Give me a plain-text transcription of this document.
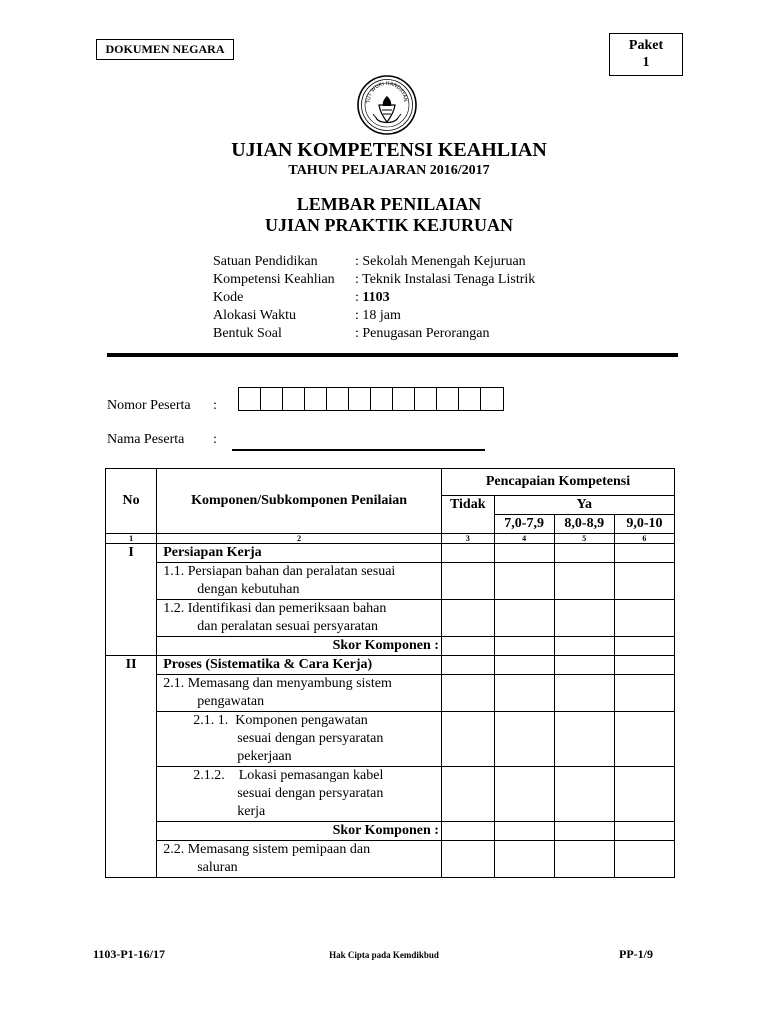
DOKUMEN NEGARA	Paket
1
TUT WURI HANDAYAN
UJIAN KOMPETENSI KEAHLIAN
TAHUN PELAJARAN 2016/2017
LEMBAR PENILAIAN
UJIAN PRAKTIK KEJURUAN
Satuan Pendidikan	: Sekolah Menengah Kejuruan
Kompetensi Keahlian	: Teknik Instalasi Tenaga Listrik
Kode	: 1103
Alokasi Waktu	: 18 jam
Bentuk Soal	: Penugasan Perorangan
Nomor Peserta :
Nama Peserta :
No	Komponen/Subkomponen Penilaian	Pencapaian Kompetensi			
		Tidak	Ya		
			7,0-7,9	8,0-8,9	9,0-10
1	2	3	4	5	6
I	Persiapan Kerja				

	1.1. Persiapan bahan dan peralatan sesuai
dengan kebutuhan				

	1.2. Identifikasi dan pemeriksaan bahan
dan peralatan sesuai persyaratan				

	Skor Komponen :				
II	Proses (Sistematika & Cara Kerja)				

	2.1. Memasang dan menyambung sistem
pengawatan				

	2.1. 1. Komponen pengawatan
sesuai dengan persyaratan
pekerjaan				

	2.1.2. Lokasi pemasangan kabel
sesuai dengan persyaratan
kerja				

	Skor Komponen :				

	2.2. Memasang sistem pemipaan dan
saluran				

1103-P1-16/17	Hak Cipta pada Kemdikbud	PP-1/9
